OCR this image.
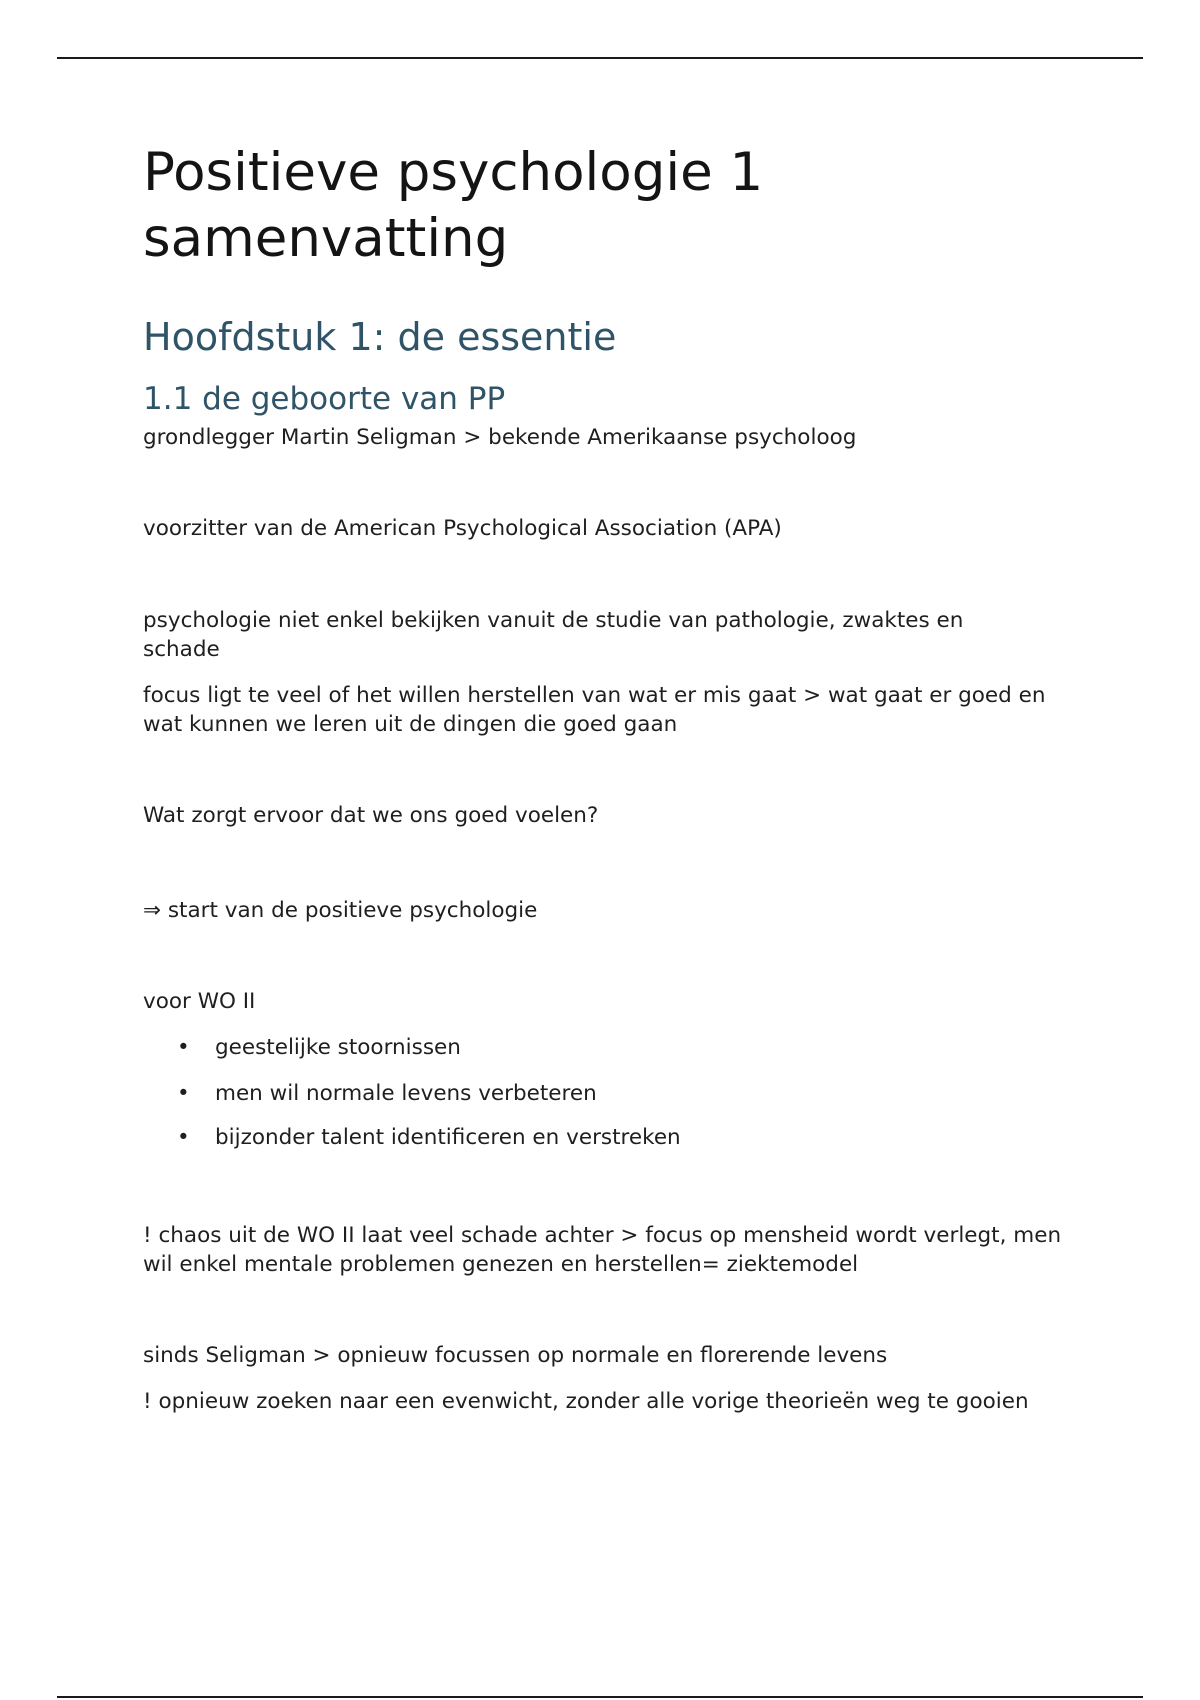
Positieve psychologie 1
samenvatting
Hoofdstuk 1: de essentie
1.1 de geboorte van PP

grondlegger Martin Seligman > bekende Amerikaanse psycholoog

voorzitter van de American Psychological Association (APA)

psychologie niet enkel bekijken vanuit de studie van pathologie, zwaktes en schade

focus ligt te veel of het willen herstellen van wat er mis gaat > wat gaat er goed en wat kunnen we leren uit de dingen die goed gaan

Wat zorgt ervoor dat we ons goed voelen?

⇒ start van de positieve psychologie

voor WO II

• geestelijke stoornissen
• men wil normale levens verbeteren
• bijzonder talent identificeren en verstreken

! chaos uit de WO II laat veel schade achter > focus op mensheid wordt verlegt, men wil enkel mentale problemen genezen en herstellen= ziektemodel

sinds Seligman > opnieuw focussen op normale en florerende levens

! opnieuw zoeken naar een evenwicht, zonder alle vorige theorieën weg te gooien
